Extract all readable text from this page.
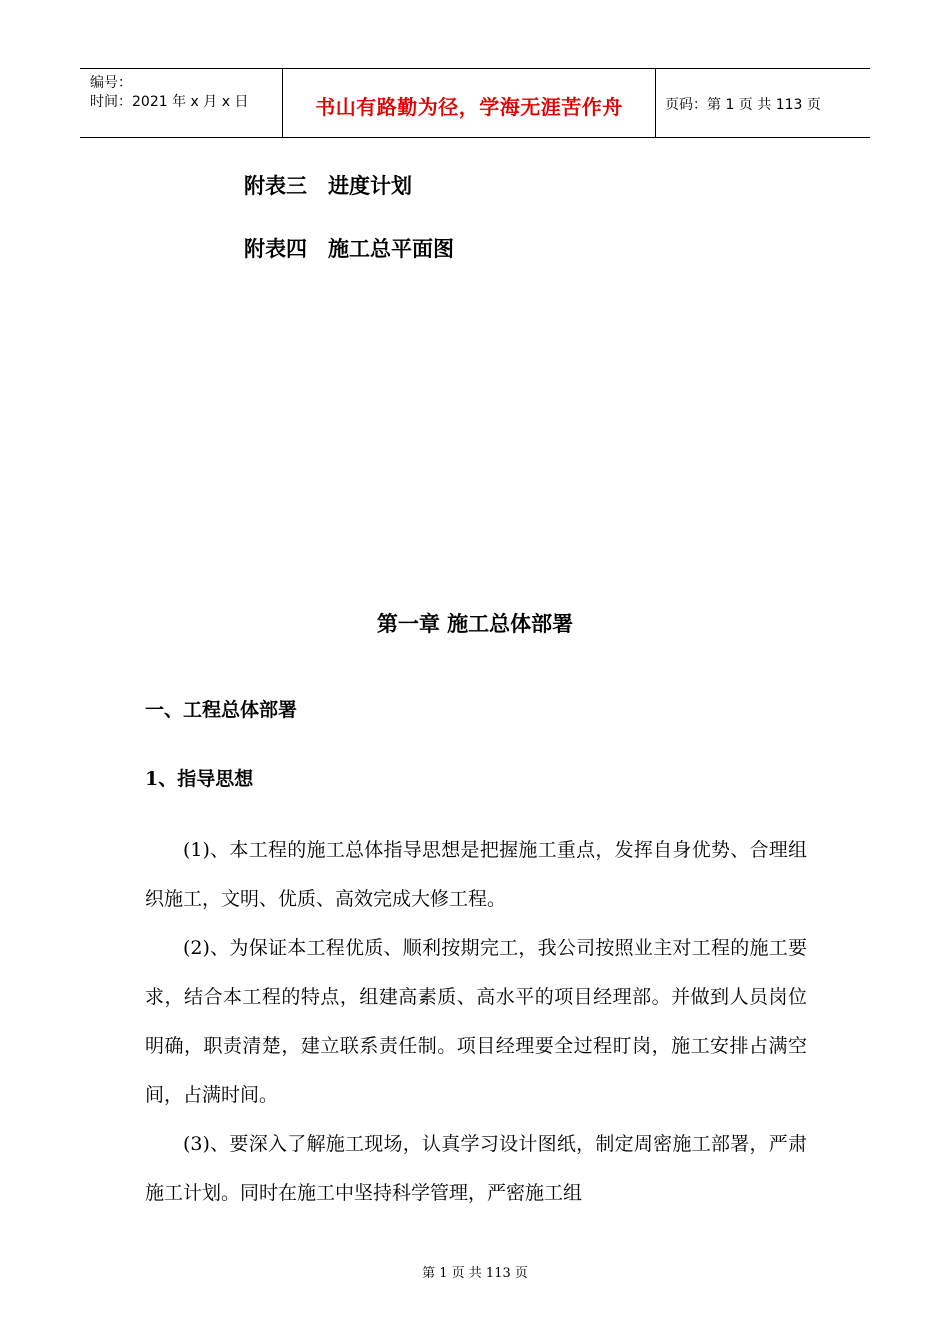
编号：
时间：2021 年 x 月 x 日	书山有路勤为径，学海无涯苦作舟	页码：第 1 页 共 113 页
附表三　进度计划
附表四　施工总平面图
第一章 施工总体部署
一、工程总体部署
1、指导思想

(1)、本工程的施工总体指导思想是把握施工重点，发挥自身优势、合理组织施工，文明、优质、高效完成大修工程。

(2)、为保证本工程优质、顺利按期完工，我公司按照业主对工程的施工要求，结合本工程的特点，组建高素质、高水平的项目经理部。并做到人员岗位明确，职责清楚，建立联系责任制。项目经理要全过程盯岗，施工安排占满空间，占满时间。

(3)、要深入了解施工现场，认真学习设计图纸，制定周密施工部署，严肃施工计划。同时在施工中坚持科学管理，严密施工组

第 1 页 共 113 页
